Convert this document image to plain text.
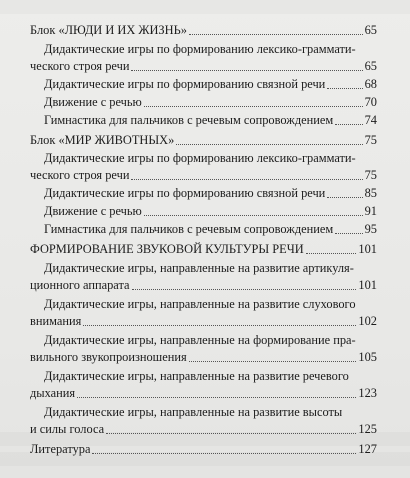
Блок «ЛЮДИ И ИХ ЖИЗНЬ»	65
Дидактические игры по формированию лексико-граммати-
ческого строя речи	65
Дидактические игры по формированию связной речи	68
Движение с речью	70
Гимнастика для пальчиков с речевым сопровождением	74
Блок «МИР ЖИВОТНЫХ»	75
Дидактические игры по формированию лексико-граммати-
ческого строя речи	75
Дидактические игры по формированию связной речи	85
Движение с речью	91
Гимнастика для пальчиков с речевым сопровождением	95
ФОРМИРОВАНИЕ ЗВУКОВОЙ КУЛЬТУРЫ РЕЧИ	101
Дидактические игры, направленные на развитие артикуля-
ционного аппарата	101
Дидактические игры, направленные на развитие слухового
внимания	102
Дидактические игры, направленные на формирование пра-
вильного звукопроизношения	105
Дидактические игры, направленные на развитие речевого
дыхания	123
Дидактические игры, направленные на развитие высоты
и силы голоса	125
Литература	127
